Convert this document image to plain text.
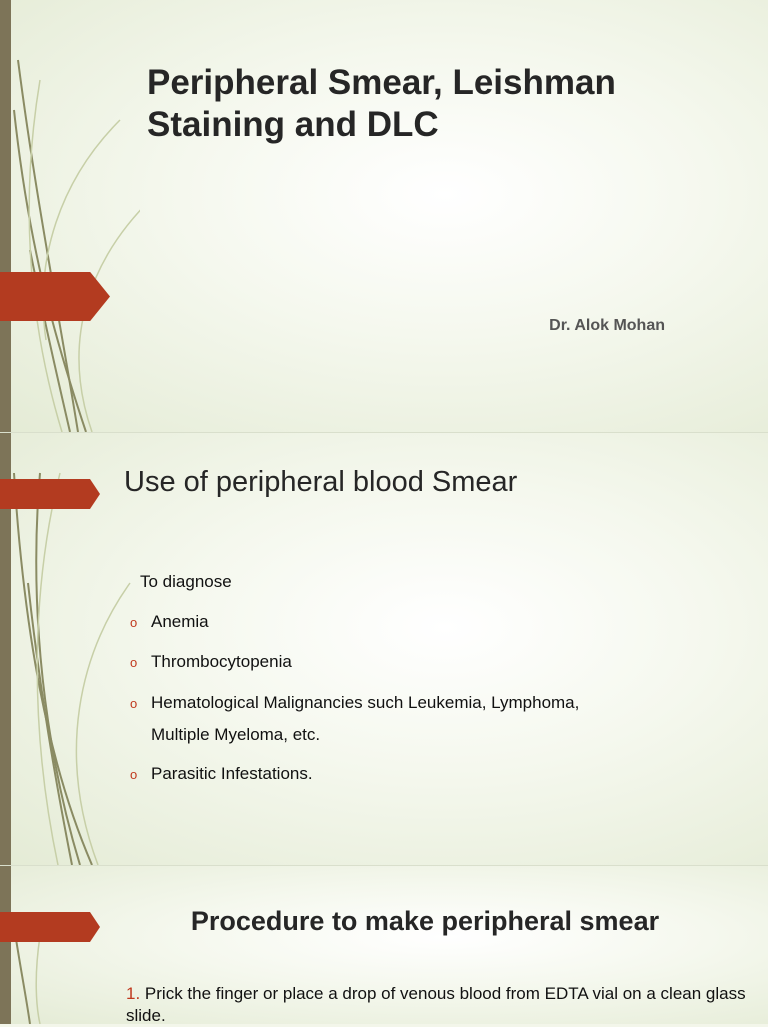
Peripheral Smear, Leishman Staining and DLC
Dr. Alok Mohan
Use of peripheral blood Smear
To diagnose
o Anemia
o Thrombocytopenia
o Hematological Malignancies such Leukemia, Lymphoma,
Multiple Myeloma, etc.
o Parasitic Infestations.
Procedure to make peripheral smear
1. Prick the finger or place a drop of venous blood from EDTA vial on a clean glass slide.
